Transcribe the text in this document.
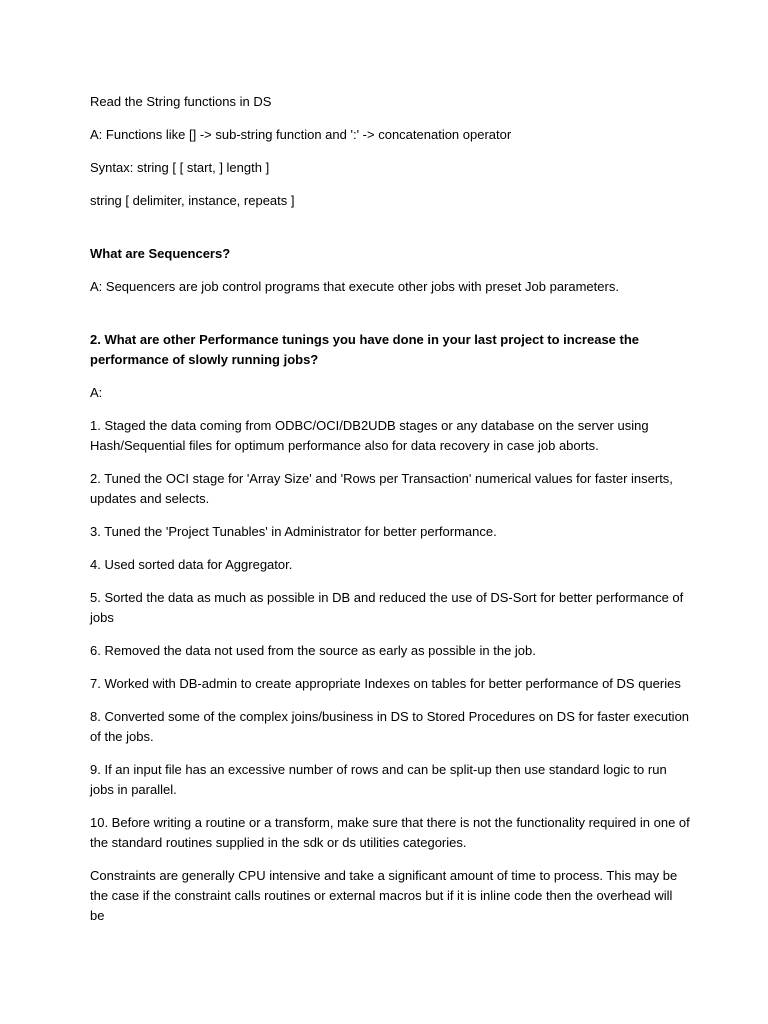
Read the String functions in DS

A: Functions like [] -> sub-string function and ':' -> concatenation operator

Syntax: string [ [ start, ] length ]

string [ delimiter, instance, repeats ]

What are Sequencers?

A: Sequencers are job control programs that execute other jobs with preset Job parameters.

2. What are other Performance tunings you have done in your last project to increase the performance of slowly running jobs?

A:

1. Staged the data coming from ODBC/OCI/DB2UDB stages or any database on the server using Hash/Sequential files for optimum performance also for data recovery in case job aborts.

2. Tuned the OCI stage for 'Array Size' and 'Rows per Transaction' numerical values for faster inserts, updates and selects.

3. Tuned the 'Project Tunables' in Administrator for better performance.

4. Used sorted data for Aggregator.

5. Sorted the data as much as possible in DB and reduced the use of DS-Sort for better performance of jobs

6. Removed the data not used from the source as early as possible in the job.

7. Worked with DB-admin to create appropriate Indexes on tables for better performance of DS queries

8. Converted some of the complex joins/business in DS to Stored Procedures on DS for faster execution of the jobs.

9. If an input file has an excessive number of rows and can be split-up then use standard logic to run jobs in parallel.

10. Before writing a routine or a transform, make sure that there is not the functionality required in one of the standard routines supplied in the sdk or ds utilities categories.

Constraints are generally CPU intensive and take a significant amount of time to process. This may be the case if the constraint calls routines or external macros but if it is inline code then the overhead will be
